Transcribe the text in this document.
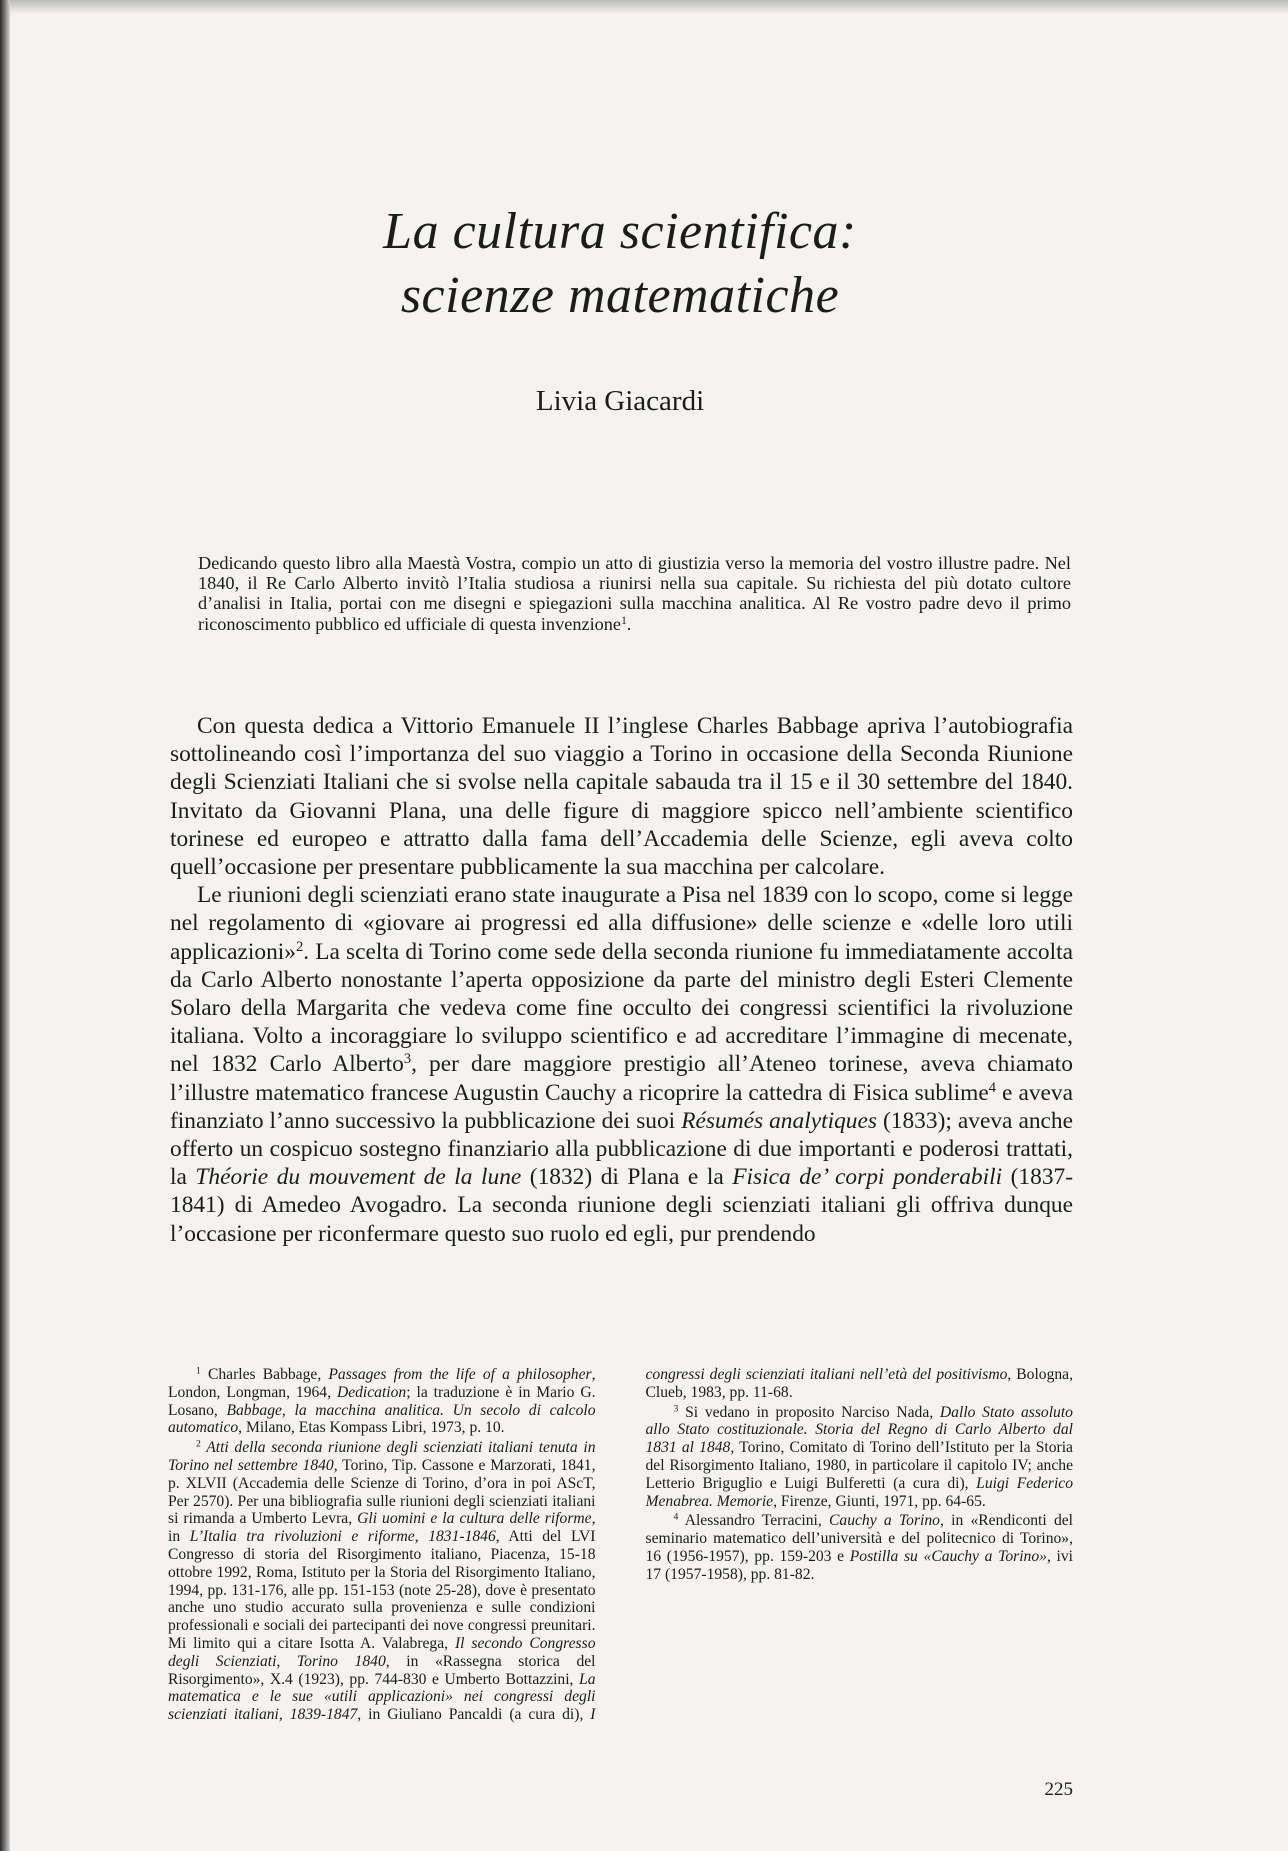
La cultura scientifica:
scienze matematiche

Livia Giacardi

Dedicando questo libro alla Maestà Vostra, compio un atto di giustizia verso la memoria del vostro illustre padre. Nel 1840, il Re Carlo Alberto invitò l’Italia studiosa a riunirsi nella sua capitale. Su richiesta del più dotato cultore d’analisi in Italia, portai con me disegni e spiegazioni sulla macchina analitica. Al Re vostro padre devo il primo riconoscimento pubblico ed ufficiale di questa invenzione$^1$.

Con questa dedica a Vittorio Emanuele II l’inglese Charles Babbage apriva l’autobiografia sottolineando così l’importanza del suo viaggio a Torino in occasione della Seconda Riunione degli Scienziati Italiani che si svolse nella capitale sabauda tra il 15 e il 30 settembre del 1840. Invitato da Giovanni Plana, una delle figure di maggiore spicco nell’ambiente scientifico torinese ed europeo e attratto dalla fama dell’Accademia delle Scienze, egli aveva colto quell’occasione per presentare pubblicamente la sua macchina per calcolare.

Le riunioni degli scienziati erano state inaugurate a Pisa nel 1839 con lo scopo, come si legge nel regolamento di «giovare ai progressi ed alla diffusione» delle scienze e «delle loro utili applicazioni»$^2$. La scelta di Torino come sede della seconda riunione fu immediatamente accolta da Carlo Alberto nonostante l’aperta opposizione da parte del ministro degli Esteri Clemente Solaro della Margarita che vedeva come fine occulto dei congressi scientifici la rivoluzione italiana. Volto a incoraggiare lo sviluppo scientifico e ad accreditare l’immagine di mecenate, nel 1832 Carlo Alberto$^3$, per dare maggiore prestigio all’Ateneo torinese, aveva chiamato l’illustre matematico francese Augustin Cauchy a ricoprire la cattedra di Fisica sublime$^4$ e aveva finanziato l’anno successivo la pubblicazione dei suoi Résumés analytiques (1833); aveva anche offerto un cospicuo sostegno finanziario alla pubblicazione di due importanti e poderosi trattati, la Théorie du mouvement de la lune (1832) di Plana e la Fisica de’ corpi ponderabili (1837-1841) di Amedeo Avogadro. La seconda riunione degli scienziati italiani gli offriva dunque l’occasione per riconfermare questo suo ruolo ed egli, pur prendendo

$^1$ Charles Babbage, Passages from the life of a philosopher, London, Longman, 1964, Dedication; la traduzione è in Mario G. Losano, Babbage, la macchina analitica. Un secolo di calcolo automatico, Milano, Etas Kompass Libri, 1973, p. 10.

$^2$ Atti della seconda riunione degli scienziati italiani tenuta in Torino nel settembre 1840, Torino, Tip. Cassone e Marzorati, 1841, p. XLVII (Accademia delle Scienze di Torino, d’ora in poi AScT, Per 2570). Per una bibliografia sulle riunioni degli scienziati italiani si rimanda a Umberto Levra, Gli uomini e la cultura delle riforme, in L’Italia tra rivoluzioni e riforme, 1831-1846, Atti del LVI Congresso di storia del Risorgimento italiano, Piacenza, 15-18 ottobre 1992, Roma, Istituto per la Storia del Risorgimento Italiano, 1994, pp. 131-176, alle pp. 151-153 (note 25-28), dove è presentato anche uno studio accurato sulla provenienza e sulle condizioni professionali e sociali dei partecipanti dei nove congressi preunitari. Mi limito qui a citare Isotta A. Valabrega, Il secondo Congresso degli Scienziati, Torino 1840, in «Rassegna storica del Risorgimento», X.4 (1923), pp. 744-830 e Umberto Bottazzini, La matematica e le sue «utili applicazioni» nei congressi degli scienziati italiani, 1839-1847, in Giuliano Pancaldi (a cura di), I congressi degli scienziati italiani nell’età del positivismo, Bologna, Clueb, 1983, pp. 11-68.

$^3$ Si vedano in proposito Narciso Nada, Dallo Stato assoluto allo Stato costituzionale. Storia del Regno di Carlo Alberto dal 1831 al 1848, Torino, Comitato di Torino dell’Istituto per la Storia del Risorgimento Italiano, 1980, in particolare il capitolo IV; anche Letterio Briguglio e Luigi Bulferetti (a cura di), Luigi Federico Menabrea. Memorie, Firenze, Giunti, 1971, pp. 64-65.

$^4$ Alessandro Terracini, Cauchy a Torino, in «Rendiconti del seminario matematico dell’università e del politecnico di Torino», 16 (1956-1957), pp. 159-203 e Postilla su «Cauchy a Torino», ivi 17 (1957-1958), pp. 81-82.

225
